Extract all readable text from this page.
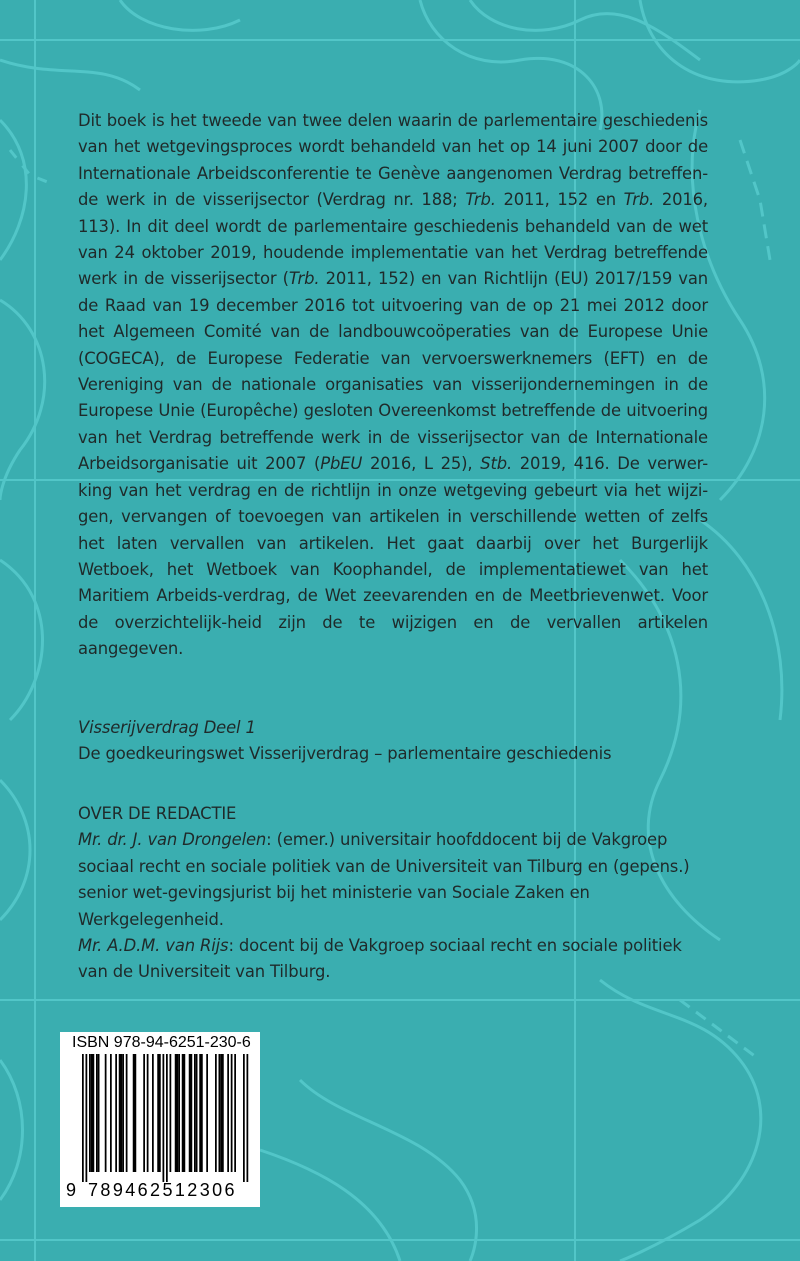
Dit boek is het tweede van twee delen waarin de parlementaire geschiedenis van het wetgevingsproces wordt behandeld van het op 14 juni 2007 door de Internationale Arbeidsconferentie te Genève aangenomen Verdrag betreffen-de werk in de visserijsector (Verdrag nr. 188; Trb. 2011, 152 en Trb. 2016, 113). In dit deel wordt de parlementaire geschiedenis behandeld van de wet van 24 oktober 2019, houdende implementatie van het Verdrag betreffende werk in de visserijsector (Trb. 2011, 152) en van Richtlijn (EU) 2017/159 van de Raad van 19 december 2016 tot uitvoering van de op 21 mei 2012 door het Algemeen Comité van de landbouwcoöperaties van de Europese Unie (COGECA), de Europese Federatie van vervoerswerknemers (EFT) en de Vereniging van de nationale organisaties van visserijondernemingen in de Europese Unie (Europêche) gesloten Overeenkomst betreffende de uitvoering van het Verdrag betreffende werk in de visserijsector van de Internationale Arbeidsorganisatie uit 2007 (PbEU 2016, L 25), Stb. 2019, 416. De verwer-king van het verdrag en de richtlijn in onze wetgeving gebeurt via het wijzi-gen, vervangen of toevoegen van artikelen in verschillende wetten of zelfs het laten vervallen van artikelen. Het gaat daarbij over het Burgerlijk Wetboek, het Wetboek van Koophandel, de implementatiewet van het Maritiem Arbeids-verdrag, de Wet zeevarenden en de Meetbrievenwet. Voor de overzichtelijk-heid zijn de te wijzigen en de vervallen artikelen aangegeven.
Visserijverdrag Deel 1
De goedkeuringswet Visserijverdrag – parlementaire geschiedenis
OVER DE REDACTIE
Mr. dr. J. van Drongelen: (emer.) universitair hoofddocent bij de Vakgroep sociaal recht en sociale politiek van de Universiteit van Tilburg en (gepens.) senior wet-gevingsjurist bij het ministerie van Sociale Zaken en Werkgelegenheid.
Mr. A.D.M. van Rijs: docent bij de Vakgroep sociaal recht en sociale politiek van de Universiteit van Tilburg.
ISBN 978-94-6251-230-6
9 789462512306
